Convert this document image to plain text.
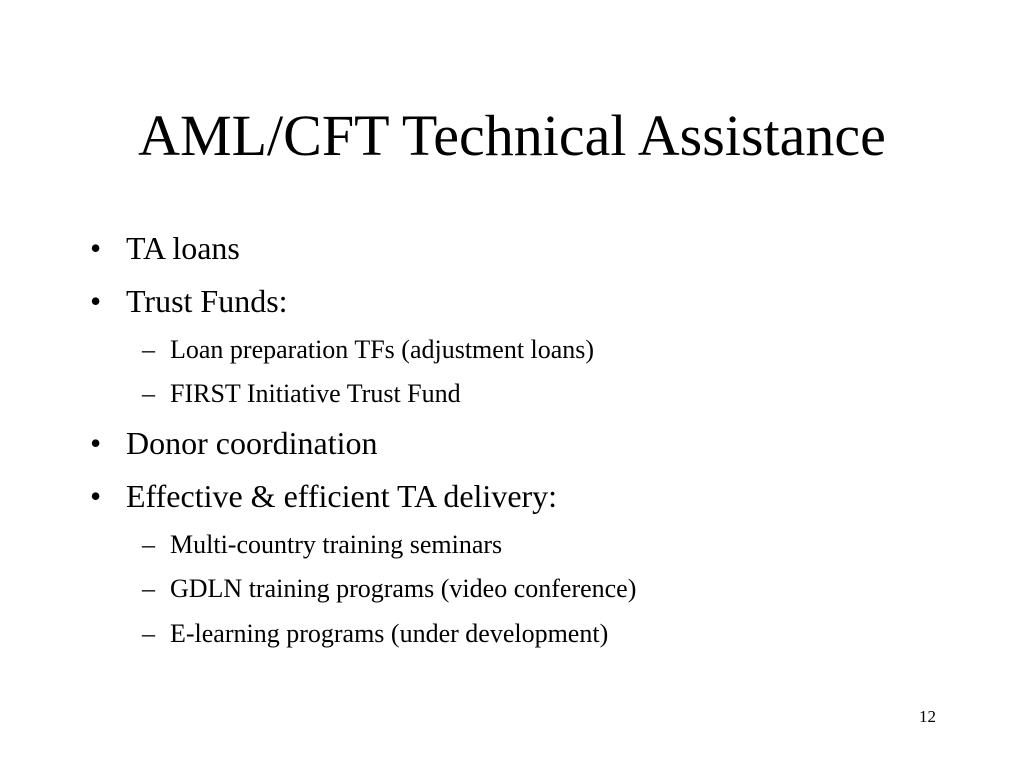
AML/CFT Technical Assistance
• TA loans
• Trust Funds:
– Loan preparation TFs (adjustment loans)
– FIRST Initiative Trust Fund
• Donor coordination
• Effective & efficient TA delivery:
– Multi-country training seminars
– GDLN training programs (video conference)
– E-learning programs (under development)
12
